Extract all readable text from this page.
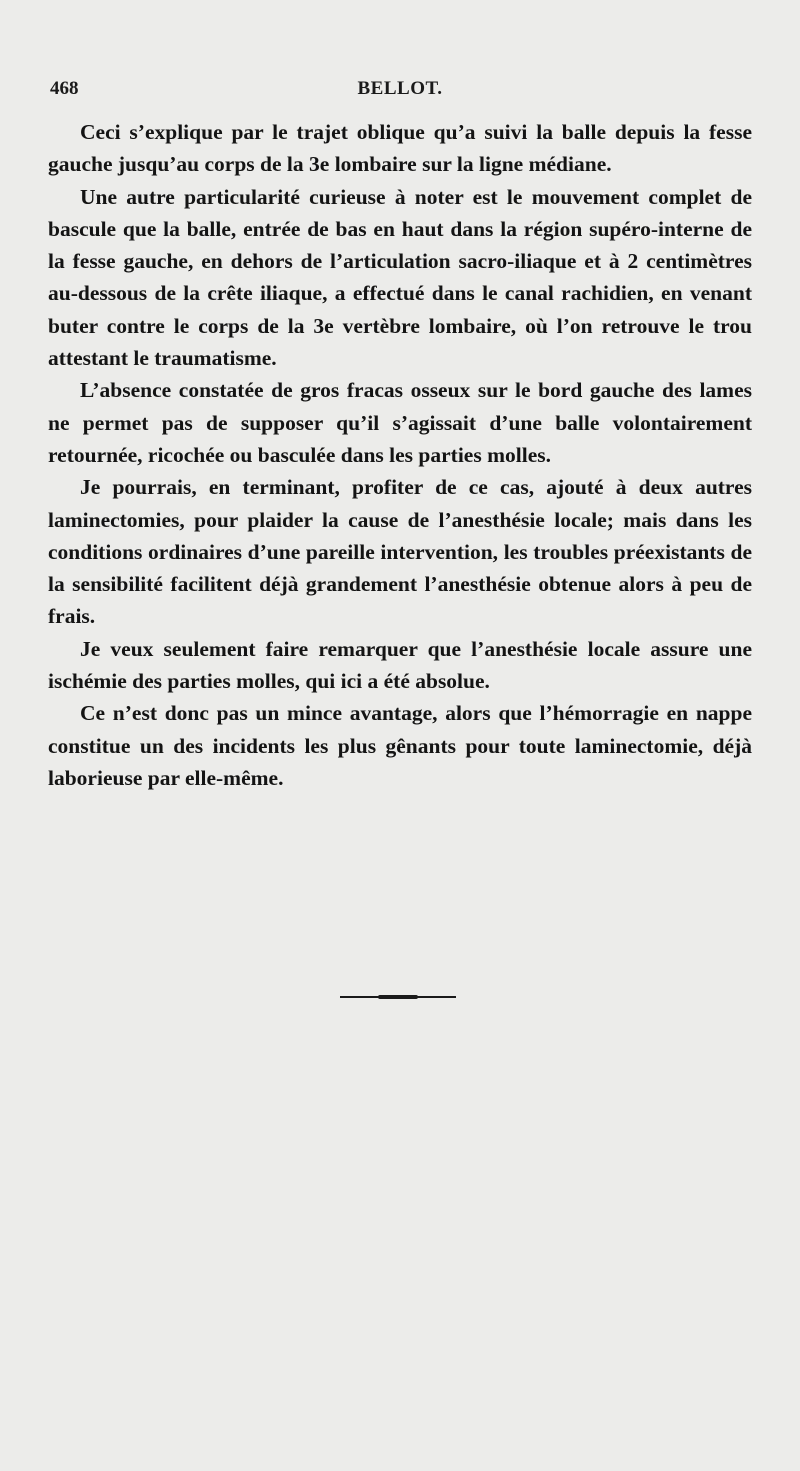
468	BELLOT.

Ceci s’explique par le trajet oblique qu’a suivi la balle depuis la fesse gauche jusqu’au corps de la 3e lombaire sur la ligne médiane.

Une autre particularité curieuse à noter est le mouvement complet de bascule que la balle, entrée de bas en haut dans la région supéro-interne de la fesse gauche, en dehors de l’articulation sacro-iliaque et à 2 centimètres au-dessous de la crête iliaque, a effectué dans le canal rachidien, en venant buter contre le corps de la 3e vertèbre lombaire, où l’on retrouve le trou attestant le traumatisme.

L’absence constatée de gros fracas osseux sur le bord gauche des lames ne permet pas de supposer qu’il s’agissait d’une balle volontairement retournée, ricochée ou basculée dans les parties molles.

Je pourrais, en terminant, profiter de ce cas, ajouté à deux autres laminectomies, pour plaider la cause de l’anesthésie locale; mais dans les conditions ordinaires d’une pareille intervention, les troubles préexistants de la sensibilité facilitent déjà grandement l’anesthésie obtenue alors à peu de frais.

Je veux seulement faire remarquer que l’anesthésie locale assure une ischémie des parties molles, qui ici a été absolue.

Ce n’est donc pas un mince avantage, alors que l’hémorragie en nappe constitue un des incidents les plus gênants pour toute laminectomie, déjà laborieuse par elle-même.
